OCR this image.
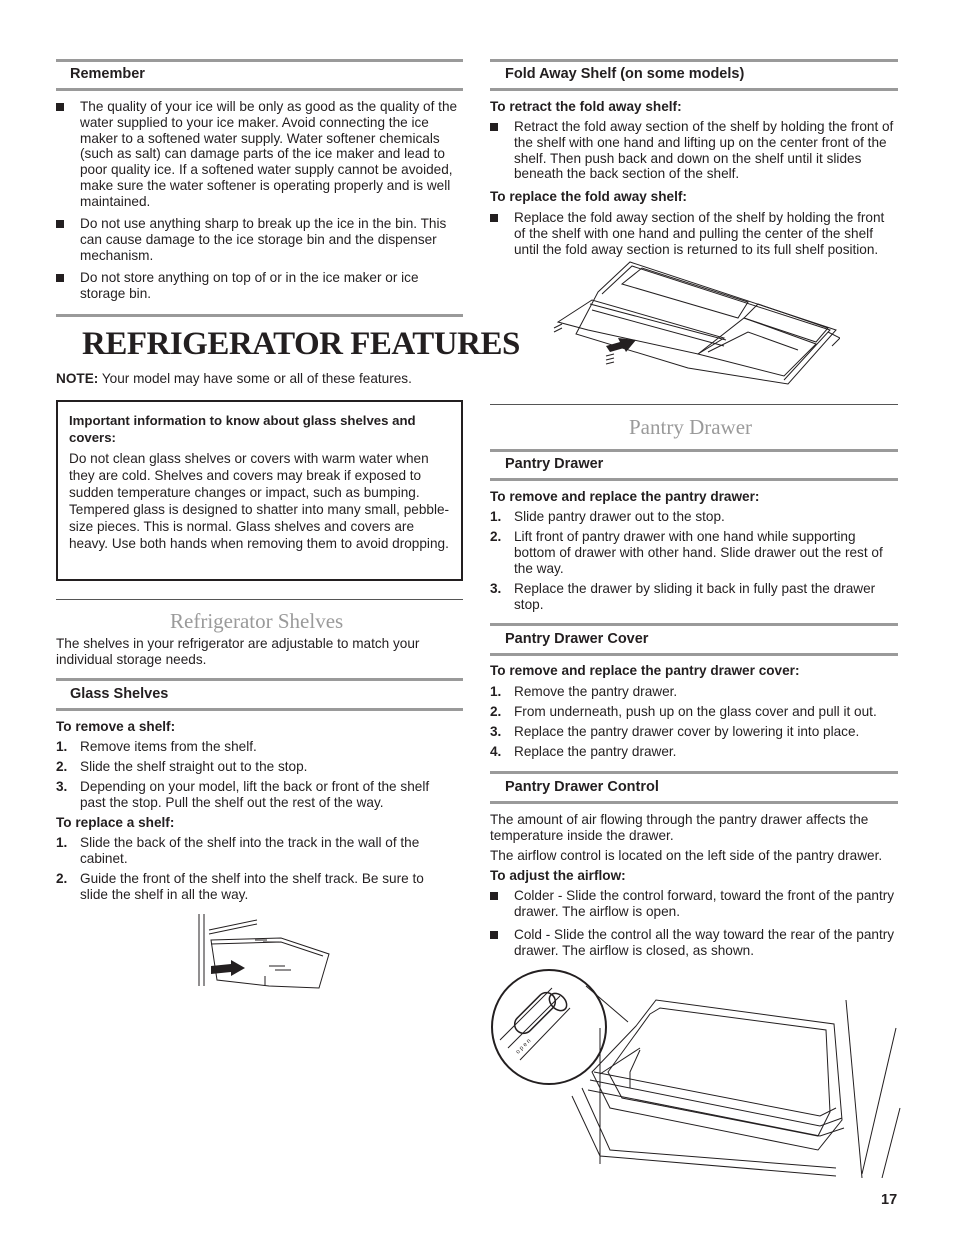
Remember
The quality of your ice will be only as good as the quality of the water supplied to your ice maker. Avoid connecting the ice maker to a softened water supply. Water softener chemicals (such as salt) can damage parts of the ice maker and lead to poor quality ice. If a softened water supply cannot be avoided, make sure the water softener is operating properly and is well maintained.
Do not use anything sharp to break up the ice in the bin. This can cause damage to the ice storage bin and the dispenser mechanism.
Do not store anything on top of or in the ice maker or ice storage bin.
REFRIGERATOR FEATURES
NOTE: Your model may have some or all of these features.
Important information to know about glass shelves and covers:
Do not clean glass shelves or covers with warm water when they are cold. Shelves and covers may break if exposed to sudden temperature changes or impact, such as bumping. Tempered glass is designed to shatter into many small, pebble-size pieces. This is normal. Glass shelves and covers are heavy. Use both hands when removing them to avoid dropping.
Refrigerator Shelves
The shelves in your refrigerator are adjustable to match your individual storage needs.
Glass Shelves
To remove a shelf:
1. Remove items from the shelf.
2. Slide the shelf straight out to the stop.
3. Depending on your model, lift the back or front of the shelf past the stop. Pull the shelf out the rest of the way.
To replace a shelf:
1. Slide the back of the shelf into the track in the wall of the cabinet.
2. Guide the front of the shelf into the shelf track. Be sure to slide the shelf in all the way.
Fold Away Shelf (on some models)
To retract the fold away shelf:
Retract the fold away section of the shelf by holding the front of the shelf with one hand and lifting up on the center front of the shelf. Then push back and down on the shelf until it slides beneath the back section of the shelf.
To replace the fold away shelf:
Replace the fold away section of the shelf by holding the front of the shelf with one hand and pulling the center of the shelf until the fold away section is returned to its full shelf position.
Pantry Drawer
Pantry Drawer
To remove and replace the pantry drawer:
1. Slide pantry drawer out to the stop.
2. Lift front of pantry drawer with one hand while supporting bottom of drawer with other hand. Slide drawer out the rest of the way.
3. Replace the drawer by sliding it back in fully past the drawer stop.
Pantry Drawer Cover
To remove and replace the pantry drawer cover:
1. Remove the pantry drawer.
2. From underneath, push up on the glass cover and pull it out.
3. Replace the pantry drawer cover by lowering it into place.
4. Replace the pantry drawer.
Pantry Drawer Control
The amount of air flowing through the pantry drawer affects the temperature inside the drawer.
The airflow control is located on the left side of the pantry drawer.
To adjust the airflow:
Colder - Slide the control forward, toward the front of the pantry drawer. The airflow is open.
Cold - Slide the control all the way toward the rear of the pantry drawer. The airflow is closed, as shown.
o p e n
17
